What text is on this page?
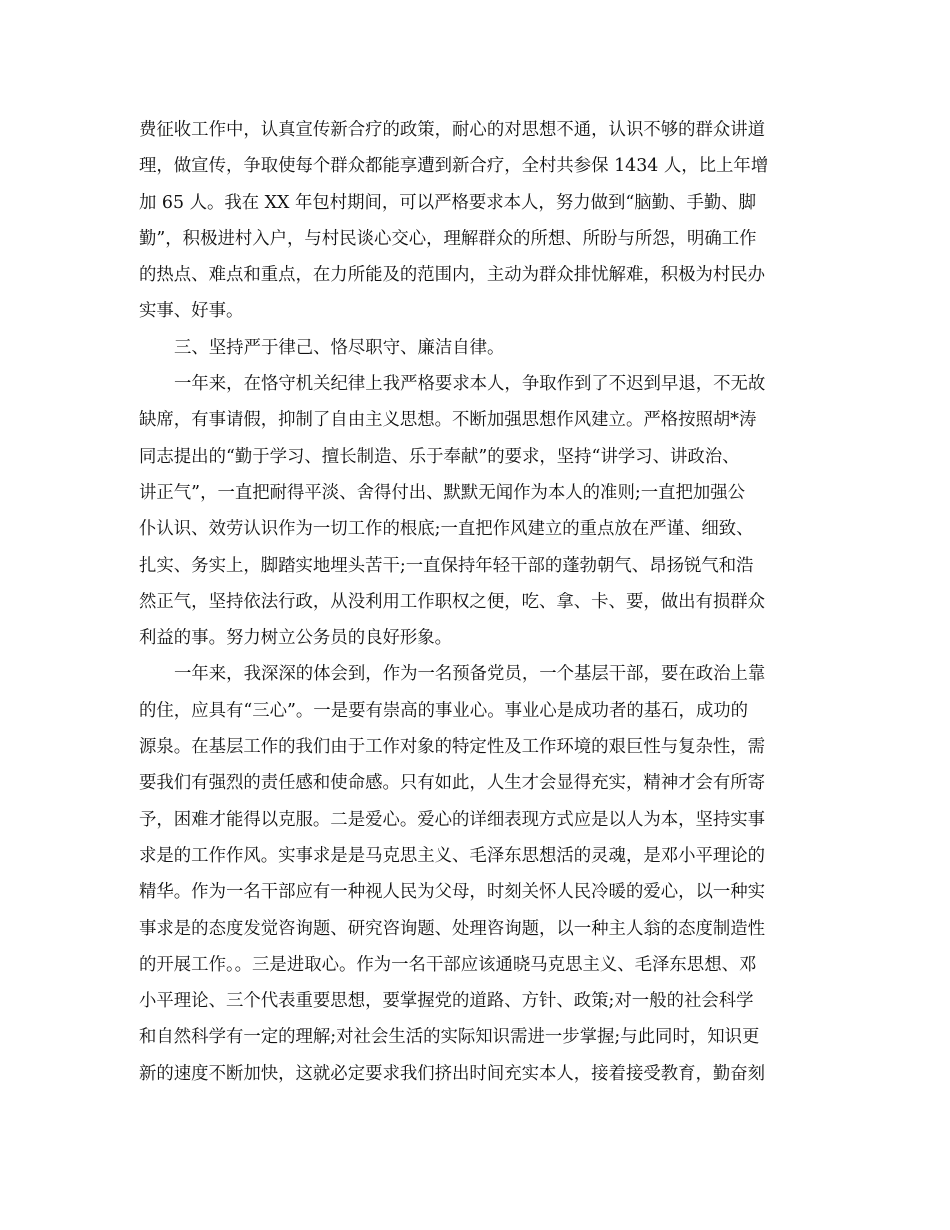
费征收工作中，认真宣传新合疗的政策，耐心的对思想不通，认识不够的群众讲道
理，做宣传，争取使每个群众都能享遭到新合疗，全村共参保 1434 人，比上年增
加 65 人。我在 XX 年包村期间，可以严格要求本人，努力做到“脑勤、手勤、脚
勤”，积极进村入户，与村民谈心交心，理解群众的所想、所盼与所怨，明确工作
的热点、难点和重点，在力所能及的范围内，主动为群众排忧解难，积极为村民办
实事、好事。
三、坚持严于律己、恪尽职守、廉洁自律。
一年来，在恪守机关纪律上我严格要求本人，争取作到了不迟到早退，不无故
缺席，有事请假，抑制了自由主义思想。不断加强思想作风建立。严格按照胡*涛
同志提出的“勤于学习、擅长制造、乐于奉献”的要求，坚持“讲学习、讲政治、
讲正气”，一直把耐得平淡、舍得付出、默默无闻作为本人的准则;一直把加强公
仆认识、效劳认识作为一切工作的根底;一直把作风建立的重点放在严谨、细致、
扎实、务实上，脚踏实地埋头苦干;一直保持年轻干部的蓬勃朝气、昂扬锐气和浩
然正气，坚持依法行政，从没利用工作职权之便，吃、拿、卡、要，做出有损群众
利益的事。努力树立公务员的良好形象。
一年来，我深深的体会到，作为一名预备党员，一个基层干部，要在政治上靠
的住，应具有“三心”。一是要有崇高的事业心。事业心是成功者的基石，成功的
源泉。在基层工作的我们由于工作对象的特定性及工作环境的艰巨性与复杂性，需
要我们有强烈的责任感和使命感。只有如此，人生才会显得充实，精神才会有所寄
予，困难才能得以克服。二是爱心。爱心的详细表现方式应是以人为本，坚持实事
求是的工作作风。实事求是是马克思主义、毛泽东思想活的灵魂，是邓小平理论的
精华。作为一名干部应有一种视人民为父母，时刻关怀人民冷暖的爱心，以一种实
事求是的态度发觉咨询题、研究咨询题、处理咨询题，以一种主人翁的态度制造性
的开展工作。。三是进取心。作为一名干部应该通晓马克思主义、毛泽东思想、邓
小平理论、三个代表重要思想，要掌握党的道路、方针、政策;对一般的社会科学
和自然科学有一定的理解;对社会生活的实际知识需进一步掌握;与此同时，知识更
新的速度不断加快，这就必定要求我们挤出时间充实本人，接着接受教育，勤奋刻
